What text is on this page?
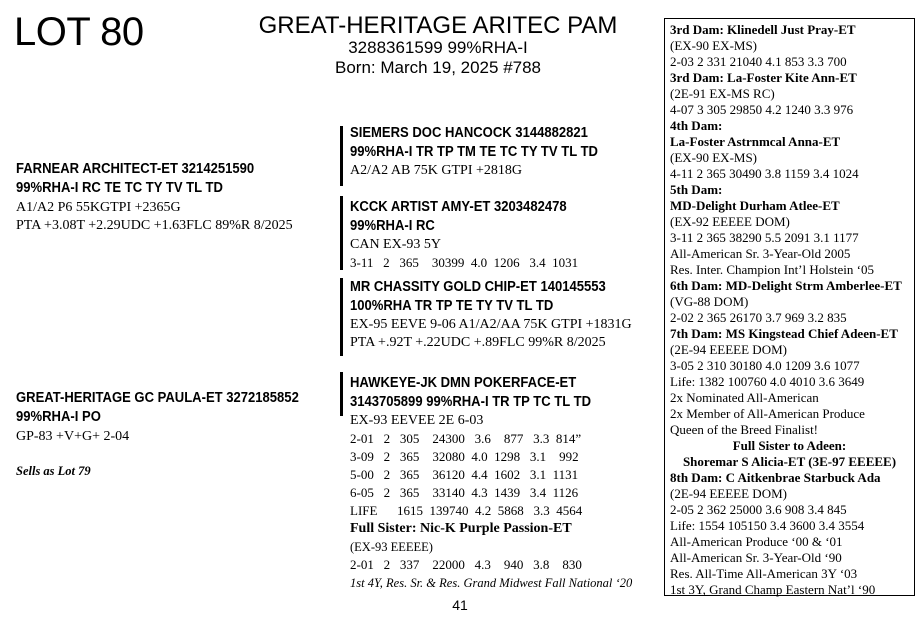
LOT 80	GREAT-HERITAGE ARITEC PAM
3288361599 99%RHA-I
Born: March 19, 2025 #788
FARNEAR ARCHITECT-ET 3214251590
99%RHA-I RC TE TC TY TV TL TD
A1/A2 P6 55KGTPI +2365G
PTA +3.08T +2.29UDC +1.63FLC 89%R 8/2025
GREAT-HERITAGE GC PAULA-ET 3272185852
99%RHA-I PO
GP-83 +V+G+ 2-04
Sells as Lot 79
SIEMERS DOC HANCOCK 3144882821
99%RHA-I TR TP TM TE TC TY TV TL TD
A2/A2 AB 75K GTPI +2818G
KCCK ARTIST AMY-ET 3203482478
99%RHA-I RC
CAN EX-93 5Y
3-11   2   365    30399  4.0  1206   3.4  1031
MR CHASSITY GOLD CHIP-ET 140145553
100%RHA TR TP TE TY TV TL TD
EX-95 EEVE 9-06 A1/A2/AA 75K GTPI +1831G
PTA +.92T +.22UDC +.89FLC 99%R 8/2025
HAWKEYE-JK DMN POKERFACE-ET
3143705899 99%RHA-I TR TP TC TL TD
EX-93 EEVEE 2E 6-03
2-01   2   305    24300   3.6    877   3.3  814”
3-09   2   365    32080  4.0  1298   3.1    992
5-00   2   365    36120  4.4  1602   3.1  1131
6-05   2   365    33140  4.3  1439   3.4  1126
LIFE      1615  139740  4.2  5868   3.3  4564
Full Sister: Nic-K Purple Passion-ET
(EX-93 EEEEE)
2-01   2   337    22000   4.3    940   3.8    830
1st 4Y, Res. Sr. & Res. Grand Midwest Fall National ‘20
3rd Dam: Klinedell Just Pray-ET
(EX-90 EX-MS)
2-03 2 331 21040 4.1 853 3.3 700
3rd Dam: La-Foster Kite Ann-ET
(2E-91 EX-MS RC)
4-07 3 305 29850 4.2 1240 3.3 976
4th Dam:
La-Foster Astrnmcal Anna-ET
(EX-90 EX-MS)
4-11 2 365 30490 3.8 1159 3.4 1024
5th Dam:
MD-Delight Durham Atlee-ET
(EX-92 EEEEE DOM)
3-11 2 365 38290 5.5 2091 3.1 1177
All-American Sr. 3-Year-Old 2005
Res. Inter. Champion Int’l Holstein ‘05
6th Dam: MD-Delight Strm Amberlee-ET
(VG-88 DOM)
2-02 2 365 26170 3.7 969 3.2 835
7th Dam: MS Kingstead Chief Adeen-ET
(2E-94 EEEEE DOM)
3-05 2 310 30180 4.0 1209 3.6 1077
Life: 1382 100760 4.0 4010 3.6 3649
2x Nominated All-American
2x Member of All-American Produce
Queen of the Breed Finalist!
Full Sister to Adeen:
Shoremar S Alicia-ET (3E-97 EEEEE)
8th Dam: C Aitkenbrae Starbuck Ada
(2E-94 EEEEE DOM)
2-05 2 362 25000 3.6 908 3.4 845
Life: 1554 105150 3.4 3600 3.4 3554
All-American Produce ‘00 & ‘01
All-American Sr. 3-Year-Old ‘90
Res. All-Time All-American 3Y ‘03
1st 3Y, Grand Champ Eastern Nat’l ‘90
41
